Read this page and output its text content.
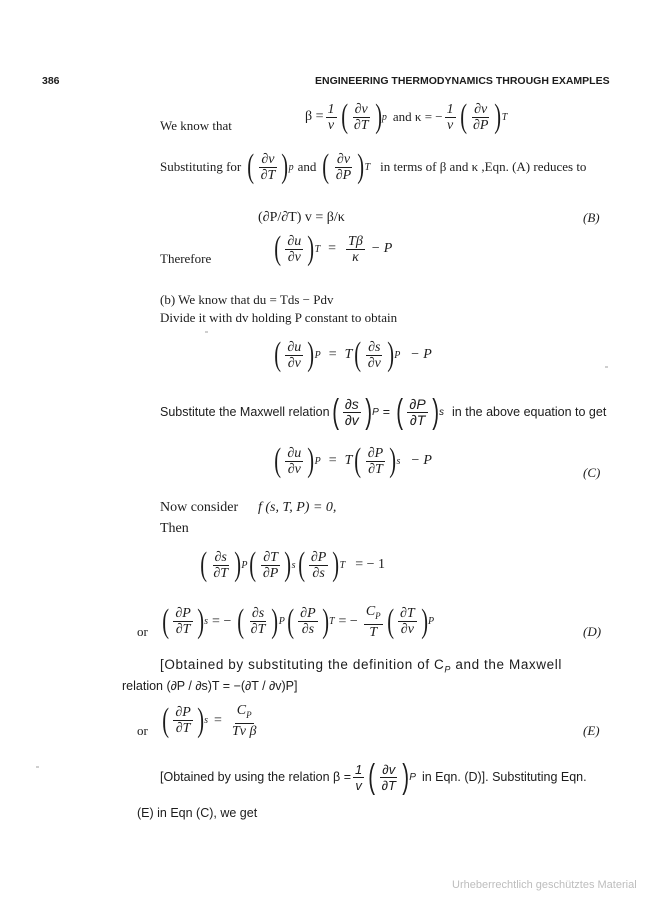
386	ENGINEERING THERMODYNAMICS THROUGH EXAMPLES
We know that
$\beta = \frac{1}{v}$ ( $\frac{\partial v}{\partial T}$ ) p and κ = − $\frac{1}{v}$ ( $\frac{\partial v}{\partial P}$ ) T
Substituting for ( $\frac{\partial v}{\partial T}$ ) p and ( $\frac{\partial v}{\partial P}$ ) T in terms of β and κ ,Eqn. (A) reduces to
(∂P/∂T) v = β/κ	(B)
Therefore ( $\frac{\partial u}{\partial v}$ ) $T = \frac{T\beta}{\kappa} - P$
(b) We know that du = Tds − Pdv
Divide it with dv holding P constant to obtain
( $\frac{\partial u}{\partial v}$ ) P = T ( $\frac{\partial s}{\partial v}$ ) P − P
Substitute the Maxwell relation ( $\frac{\partial s}{\partial v}$ ) P = ( $\frac{\partial P}{\partial T}$ ) s in the above equation to get
( $\frac{\partial u}{\partial v}$ ) P = T ( $\frac{\partial P}{\partial T}$ ) s − P
(C)
Now consider f (s, T, P) = 0,
Then
( $\frac{\partial s}{\partial T}$ ) P ( $\frac{\partial T}{\partial P}$ ) s ( $\frac{\partial P}{\partial s}$ ) T = − 1
or ( $\frac{\partial P}{\partial T}$ ) s = − ( $\frac{\partial s}{\partial T}$ ) P ( $\frac{\partial P}{\partial s}$ ) T = − $\frac{C_P}{T}$ ( $\frac{\partial T}{\partial v}$ ) P
(D)
[Obtained by substituting the definition of $C_P$ and the Maxwell
relation (∂P / ∂s)T = −(∂T / ∂v)P]
or ( $\frac{\partial P}{\partial T}$ ) $s = \frac{C_P}{\text{Tv β}}$	(E)
[Obtained by using the relation $\beta = \frac{1}{v}$ ( $\frac{\partial v}{\partial T}$ ) P in Eqn. (D)]. Substituting Eqn.
(E) in Eqn (C), we get
Urheberrechtlich geschütztes Material
